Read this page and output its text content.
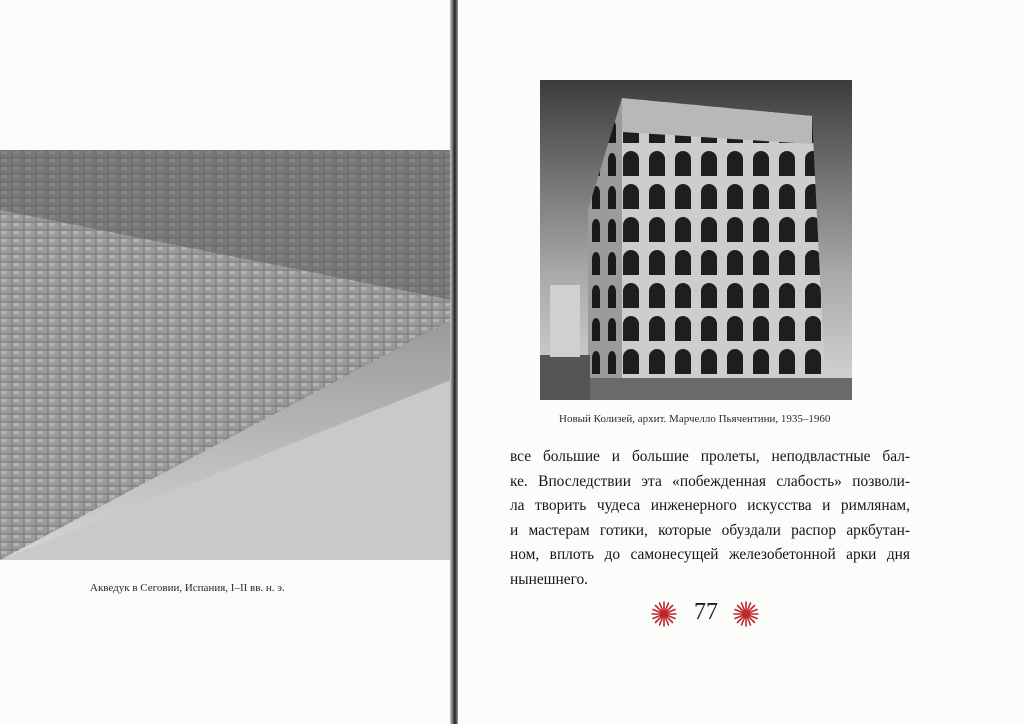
Акведук в Сеговии, Испания, I–II вв. н. э.
Новый Колизей, архит. Марчелло Пьячентини, 1935–1960
все большие и большие пролеты, неподвластные бал-
ке. Впоследствии эта «побежденная слабость» позволи-
ла творить чудеса инженерного искусства и римлянам,
и мастерам готики, которые обуздали распор аркбутан-
ном, вплоть до самонесущей железобетонной арки дня
нынешнего.
77
